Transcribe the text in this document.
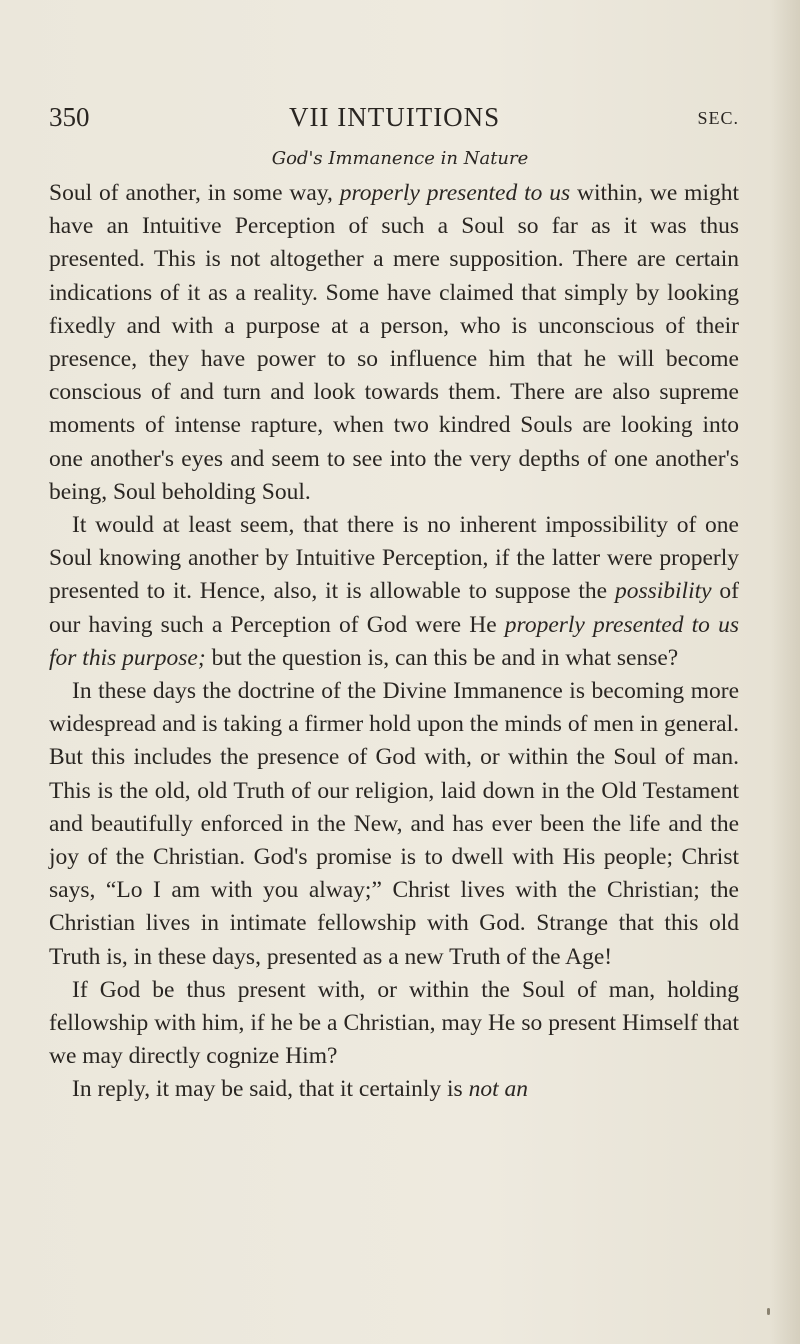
350	VII INTUITIONS	SEC.
God's Immanence in Nature

Soul of another, in some way, properly presented to us within, we might have an Intuitive Perception of such a Soul so far as it was thus presented. This is not altogether a mere supposition. There are certain indications of it as a reality. Some have claimed that simply by looking fixedly and with a purpose at a person, who is unconscious of their presence, they have power to so influence him that he will become conscious of and turn and look towards them. There are also supreme moments of intense rapture, when two kindred Souls are looking into one another's eyes and seem to see into the very depths of one another's being, Soul beholding Soul.

It would at least seem, that there is no inherent impossibility of one Soul knowing another by Intuitive Perception, if the latter were properly presented to it. Hence, also, it is allowable to suppose the possibility of our having such a Perception of God were He properly presented to us for this purpose; but the question is, can this be and in what sense?

In these days the doctrine of the Divine Immanence is becoming more widespread and is taking a firmer hold upon the minds of men in general. But this includes the presence of God with, or within the Soul of man. This is the old, old Truth of our religion, laid down in the Old Testament and beautifully enforced in the New, and has ever been the life and the joy of the Christian. God's promise is to dwell with His people; Christ says, “Lo I am with you alway;” Christ lives with the Christian; the Christian lives in intimate fellowship with God. Strange that this old Truth is, in these days, presented as a new Truth of the Age!

If God be thus present with, or within the Soul of man, holding fellowship with him, if he be a Christian, may He so present Himself that we may directly cognize Him?

In reply, it may be said, that it certainly is not an
